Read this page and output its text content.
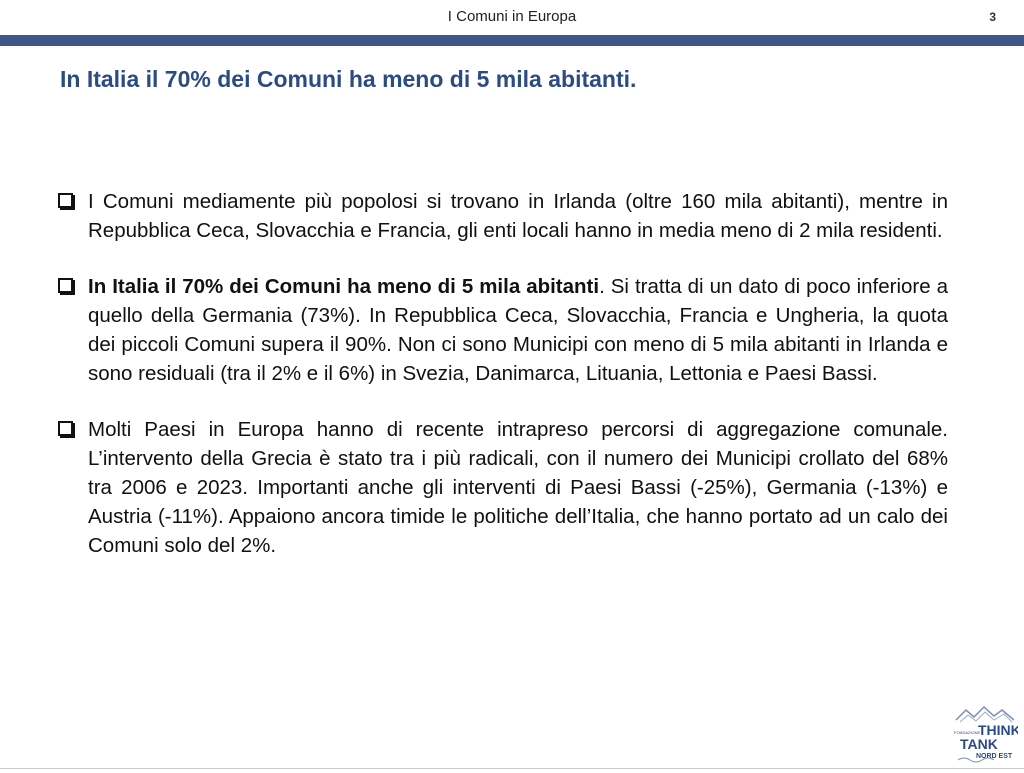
I Comuni in Europa	3
In Italia il 70% dei Comuni ha meno di 5 mila abitanti.
I Comuni mediamente più popolosi si trovano in Irlanda (oltre 160 mila abitanti), mentre in Repubblica Ceca, Slovacchia e Francia, gli enti locali hanno in media meno di 2 mila residenti.
In Italia il 70% dei Comuni ha meno di 5 mila abitanti. Si tratta di un dato di poco inferiore a quello della Germania (73%). In Repubblica Ceca, Slovacchia, Francia e Ungheria, la quota dei piccoli Comuni supera il 90%. Non ci sono Municipi con meno di 5 mila abitanti in Irlanda e sono residuali (tra il 2% e il 6%) in Svezia, Danimarca, Lituania, Lettonia e Paesi Bassi.
Molti Paesi in Europa hanno di recente intrapreso percorsi di aggregazione comunale. L’intervento della Grecia è stato tra i più radicali, con il numero dei Municipi crollato del 68% tra 2006 e 2023. Importanti anche gli interventi di Paesi Bassi (-25%), Germania (-13%) e Austria (-11%). Appaiono ancora timide le politiche dell’Italia, che hanno portato ad un calo dei Comuni solo del 2%.
FONDAZIONE
THINK
TANK
NORD EST
